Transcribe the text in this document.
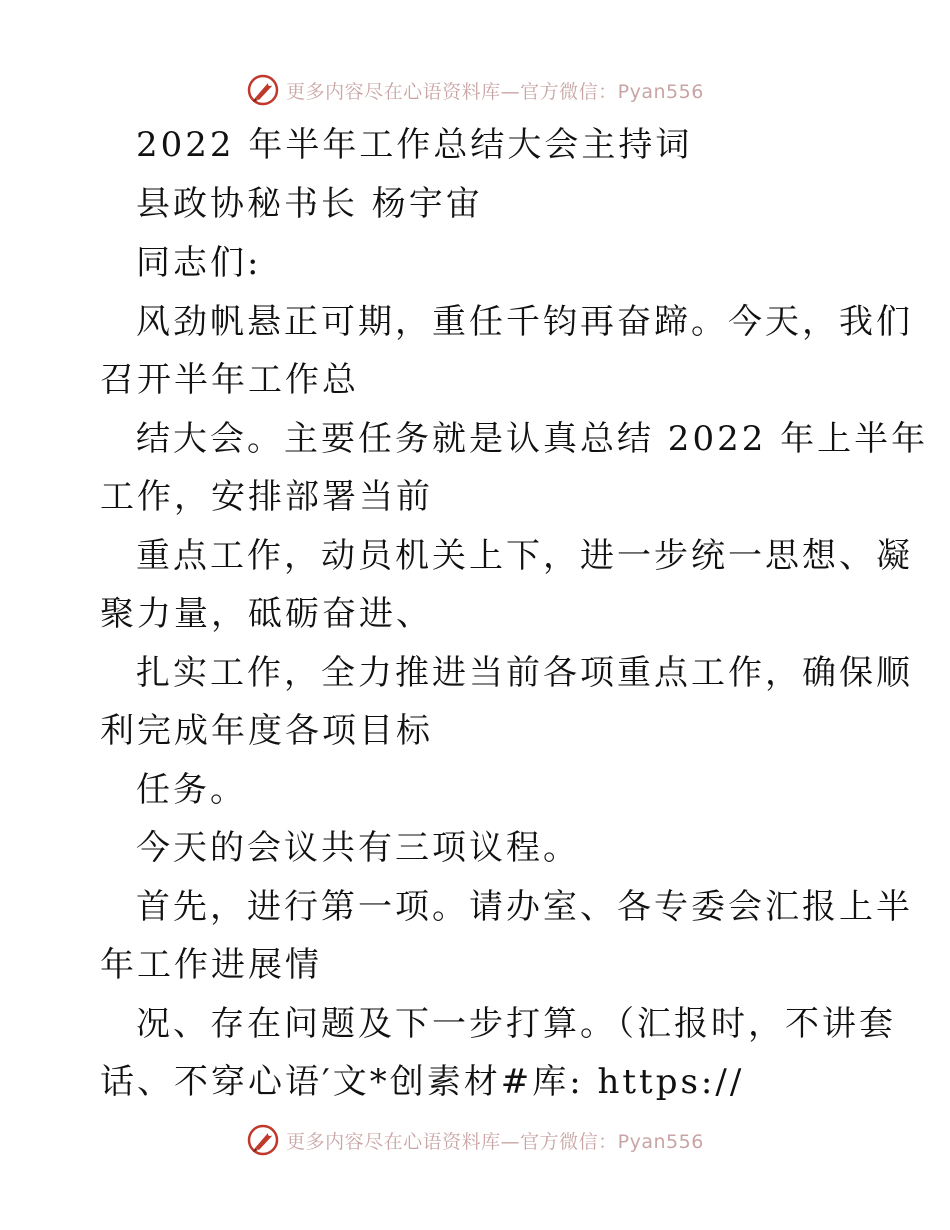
更多内容尽在心语资料库—官方微信：Pyan556
2022 年半年工作总结大会主持词
县政协秘书长 杨宇宙
同志们:
风劲帆悬正可期，重任千钧再奋蹄。今天，我们
召开半年工作总
结大会。主要任务就是认真总结 2022 年上半年
工作，安排部署当前
重点工作，动员机关上下，进一步统一思想、凝
聚力量，砥砺奋进、
扎实工作，全力推进当前各项重点工作，确保顺
利完成年度各项目标
任务。
今天的会议共有三项议程。
首先，进行第一项。请办室、各专委会汇报上半
年工作进展情
况、存在问题及下一步打算。（汇报时，不讲套
话、不穿心语′文*创素材#库: https://
更多内容尽在心语资料库—官方微信：Pyan556
